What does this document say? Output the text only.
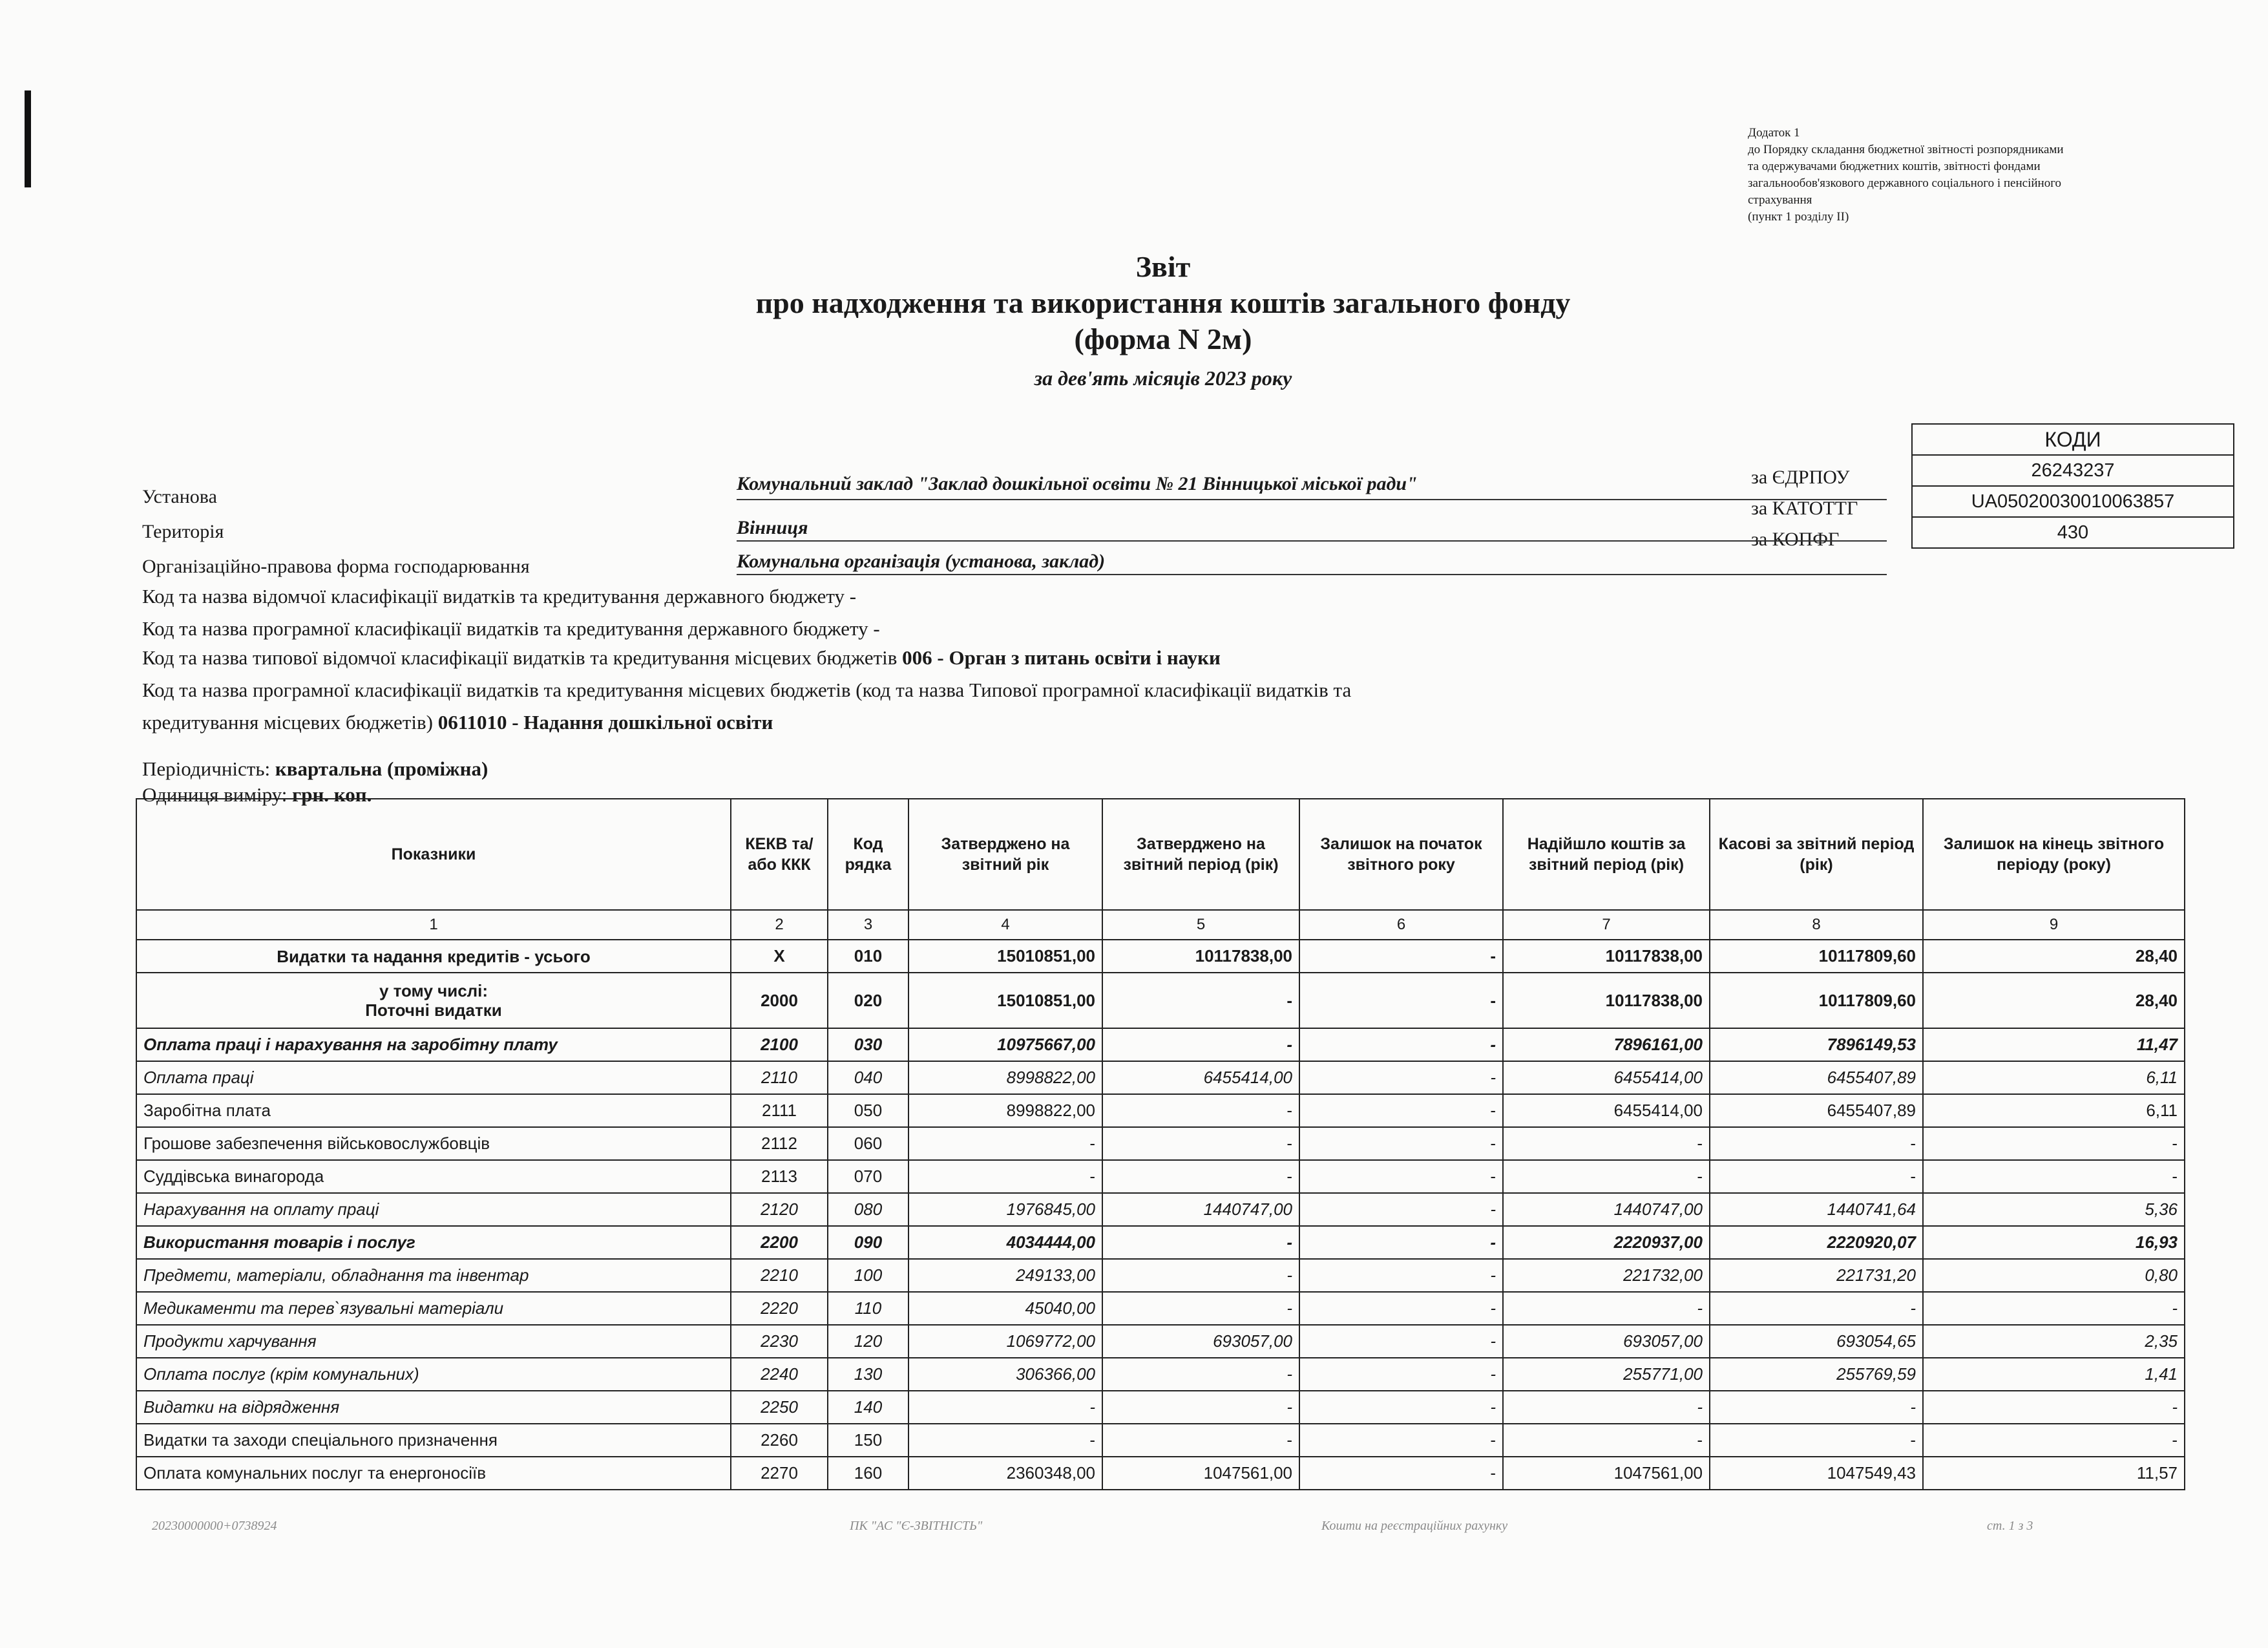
Додаток 1
до Порядку складання бюджетної звітності розпорядниками
та одержувачами бюджетних коштів, звітності фондами
загальнообов'язкового державного соціального і пенсійного
страхування
(пункт 1 розділу II)
Звіт
про надходження та використання коштів загального фонду
(форма N 2м)
за дев'ять місяців 2023 року
КОДИ
26243237
UA05020030010063857
430
за ЄДРПОУ
за КАТОТТГ
за КОПФГ
Установа
Комунальний заклад "Заклад дошкільної освіти № 21 Вінницької міської ради"
Територія	Вінниця
Організаційно-правова форма господарювання	Комунальна організація (установа, заклад)
Код та назва відомчої класифікації видатків та кредитування державного бюджету -
Код та назва програмної класифікації видатків та кредитування державного бюджету -
Код та назва типової відомчої класифікації видатків та кредитування місцевих бюджетів 006 - Орган з питань освіти і науки
Код та назва програмної класифікації видатків та кредитування місцевих бюджетів (код та назва Типової програмної класифікації видатків та
кредитування місцевих бюджетів) 0611010 - Надання дошкільної освіти
Періодичність: квартальна (проміжна)
Одиниця виміру: грн. коп.
Показники	КЕКВ та/або ККК	Код рядка	Затверджено на звітний рік	Затверджено на звітний період (рік)	Залишок на початок звітного року	Надійшло коштів за звітний період (рік)	Касові за звітний період (рік)	Залишок на кінець звітного періоду (року)
1	2	3	4	5	6	7	8	9
Видатки та надання кредитів - усього	X	010	15010851,00	10117838,00	-	10117838,00	10117809,60	28,40
у тому числі:
Поточні видатки	2000	020	15010851,00	-	-	10117838,00	10117809,60	28,40
Оплата праці і нарахування на заробітну плату	2100	030	10975667,00	-	-	7896161,00	7896149,53	11,47
Оплата праці	2110	040	8998822,00	6455414,00	-	6455414,00	6455407,89	6,11
Заробітна плата	2111	050	8998822,00	-	-	6455414,00	6455407,89	6,11
Грошове забезпечення військовослужбовців	2112	060	-	-	-	-	-	-
Суддівська винагорода	2113	070	-	-	-	-	-	-
Нарахування на оплату праці	2120	080	1976845,00	1440747,00	-	1440747,00	1440741,64	5,36
Використання товарів і послуг	2200	090	4034444,00	-	-	2220937,00	2220920,07	16,93
Предмети, матеріали, обладнання та інвентар	2210	100	249133,00	-	-	221732,00	221731,20	0,80
Медикаменти та перев`язувальні матеріали	2220	110	45040,00	-	-	-	-	-
Продукти харчування	2230	120	1069772,00	693057,00	-	693057,00	693054,65	2,35
Оплата послуг (крім комунальних)	2240	130	306366,00	-	-	255771,00	255769,59	1,41
Видатки на відрядження	2250	140	-	-	-	-	-	-
Видатки та заходи спеціального призначення	2260	150	-	-	-	-	-	-
Оплата комунальних послуг та енергоносіїв	2270	160	2360348,00	1047561,00	-	1047561,00	1047549,43	11,57
20230000000+0738924	ПК "АС "Є-ЗВІТНІСТЬ"	Кошти на реєстраційних рахунку	ст. 1 з 3
